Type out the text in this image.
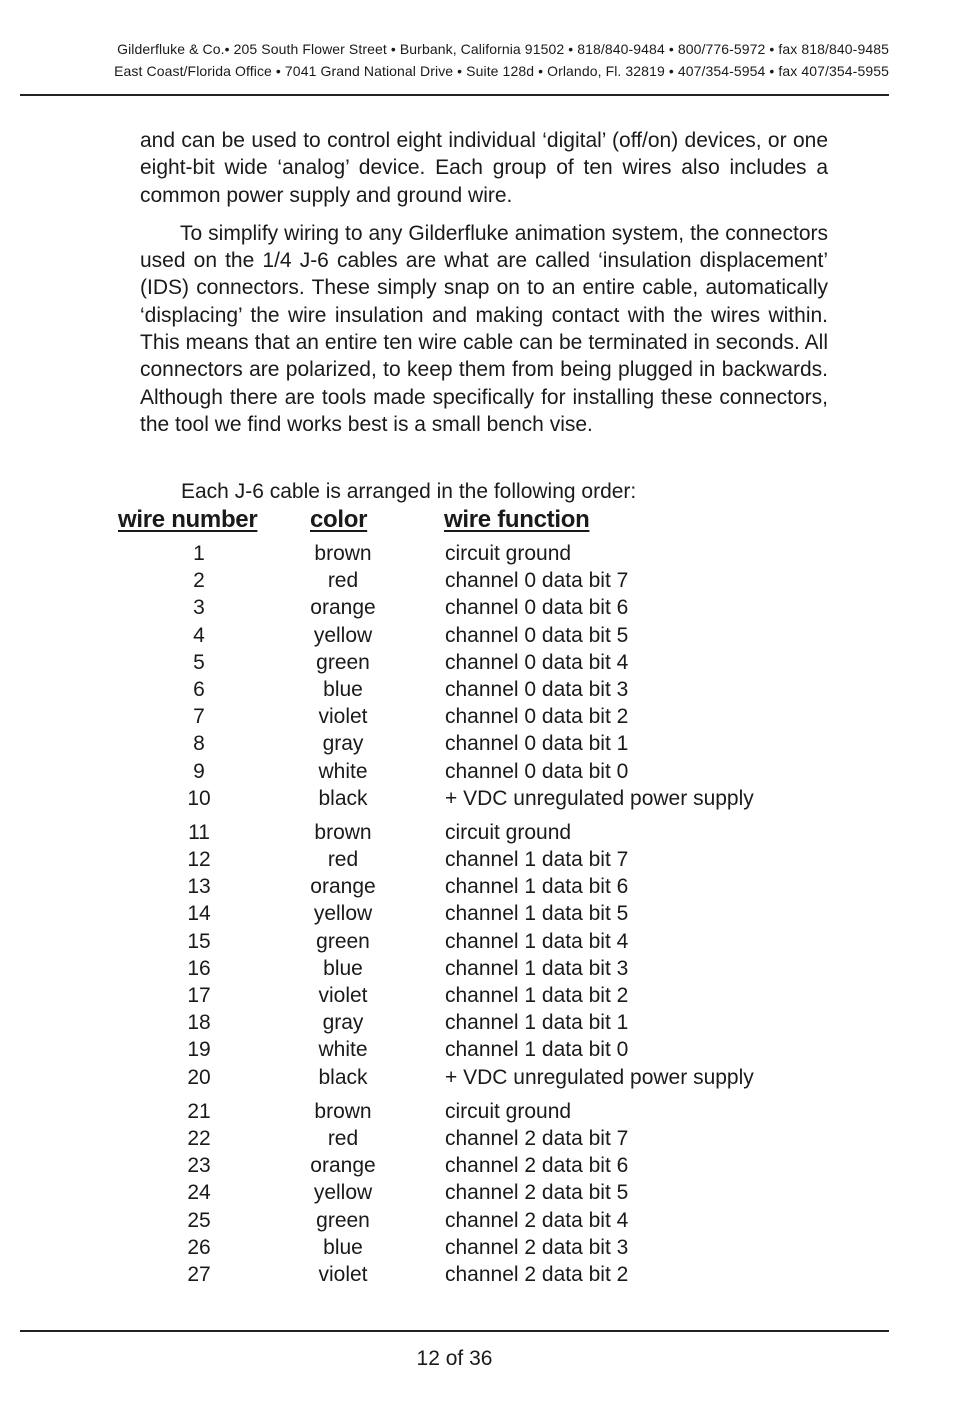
Gilderfluke & Co.• 205 South Flower Street • Burbank, California 91502 • 818/840-9484 • 800/776-5972 • fax 818/840-9485
East Coast/Florida Office • 7041 Grand National Drive • Suite 128d • Orlando, Fl. 32819 • 407/354-5954 • fax 407/354-5955

and can be used to control eight individual ‘digital’ (off/on) devices, or one eight-bit wide ‘analog’ device. Each group of ten wires also includes a common power supply and ground wire.

To simplify wiring to any Gilderfluke animation system, the connectors used on the 1/4 J-6 cables are what are called ‘insulation displacement’ (IDS) connectors. These simply snap on to an entire cable, automatically ‘displacing’ the wire insulation and making contact with the wires within. This means that an entire ten wire cable can be terminated in seconds. All connectors are polarized, to keep them from being plugged in backwards. Although there are tools made specifically for installing these connectors, the tool we find works best is a small bench vise.

Each J-6 cable is arranged in the following order:
wire number	color	wire function
1	brown	circuit ground
2	red	channel 0 data bit 7
3	orange	channel 0 data bit 6
4	yellow	channel 0 data bit 5
5	green	channel 0 data bit 4
6	blue	channel 0 data bit 3
7	violet	channel 0 data bit 2
8	gray	channel 0 data bit 1
9	white	channel 0 data bit 0
10	black	+ VDC unregulated power supply
11	brown	circuit ground
12	red	channel 1 data bit 7
13	orange	channel 1 data bit 6
14	yellow	channel 1 data bit 5
15	green	channel 1 data bit 4
16	blue	channel 1 data bit 3
17	violet	channel 1 data bit 2
18	gray	channel 1 data bit 1
19	white	channel 1 data bit 0
20	black	+ VDC unregulated power supply
21	brown	circuit ground
22	red	channel 2 data bit 7
23	orange	channel 2 data bit 6
24	yellow	channel 2 data bit 5
25	green	channel 2 data bit 4
26	blue	channel 2 data bit 3
27	violet	channel 2 data bit 2
12 of 36
